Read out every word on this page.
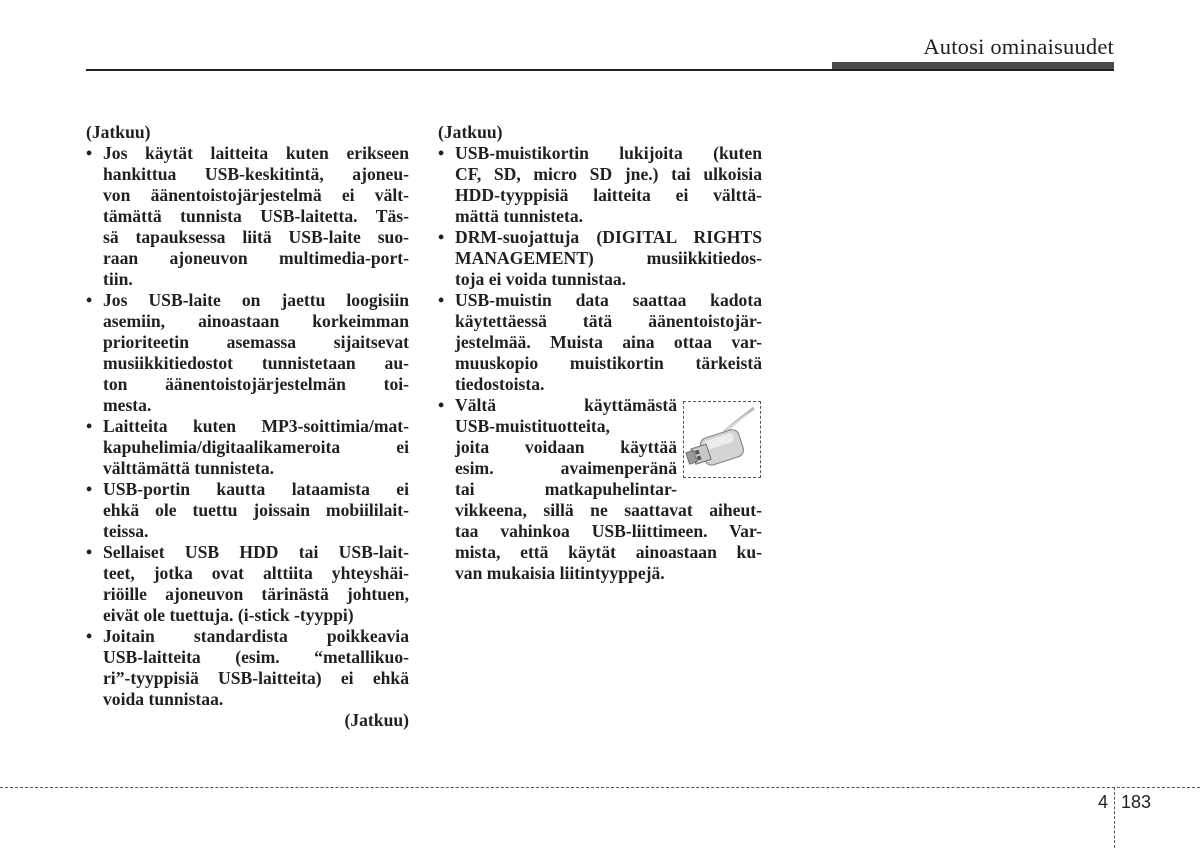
Autosi ominaisuudet
(Jatkuu)
• Jos käytät laitteita kuten erikseen
hankittua USB-keskitintä, ajoneu-
von äänentoistojärjestelmä ei vält-
tämättä tunnista USB-laitetta. Täs-
sä tapauksessa liitä USB-laite suo-
raan ajoneuvon multimedia-port-
tiin.
• Jos USB-laite on jaettu loogisiin
asemiin, ainoastaan korkeimman
prioriteetin asemassa sijaitsevat
musiikkitiedostot tunnistetaan au-
ton äänentoistojärjestelmän toi-
mesta.
• Laitteita kuten MP3-soittimia/mat-
kapuhelimia/digitaalikameroita ei
välttämättä tunnisteta.
• USB-portin kautta lataamista ei
ehkä ole tuettu joissain mobiililait-
teissa.
• Sellaiset USB HDD tai USB-lait-
teet, jotka ovat alttiita yhteyshäi-
riöille ajoneuvon tärinästä johtuen,
eivät ole tuettuja. (i-stick -tyyppi)
• Joitain standardista poikkeavia
USB-laitteita (esim. “metallikuo-
ri”-tyyppisiä USB-laitteita) ei ehkä
voida tunnistaa.
(Jatkuu)
(Jatkuu)
• USB-muistikortin lukijoita (kuten
CF, SD, micro SD jne.) tai ulkoisia
HDD-tyyppisiä laitteita ei välttä-
mättä tunnisteta.
• DRM-suojattuja (DIGITAL RIGHTS
MANAGEMENT) musiikkitiedos-
toja ei voida tunnistaa.
• USB-muistin data saattaa kadota
käytettäessä tätä äänentoistojär-
jestelmää. Muista aina ottaa var-
muuskopio muistikortin tärkeistä
tiedostoista.
• Vältä käyttämästä
USB-muistituotteita,
joita voidaan käyttää
esim. avaimenperänä
tai matkapuhelintar-
vikkeena, sillä ne saattavat aiheut-
taa vahinkoa USB-liittimeen. Var-
mista, että käytät ainoastaan ku-
van mukaisia liitintyyppejä.
4 183
